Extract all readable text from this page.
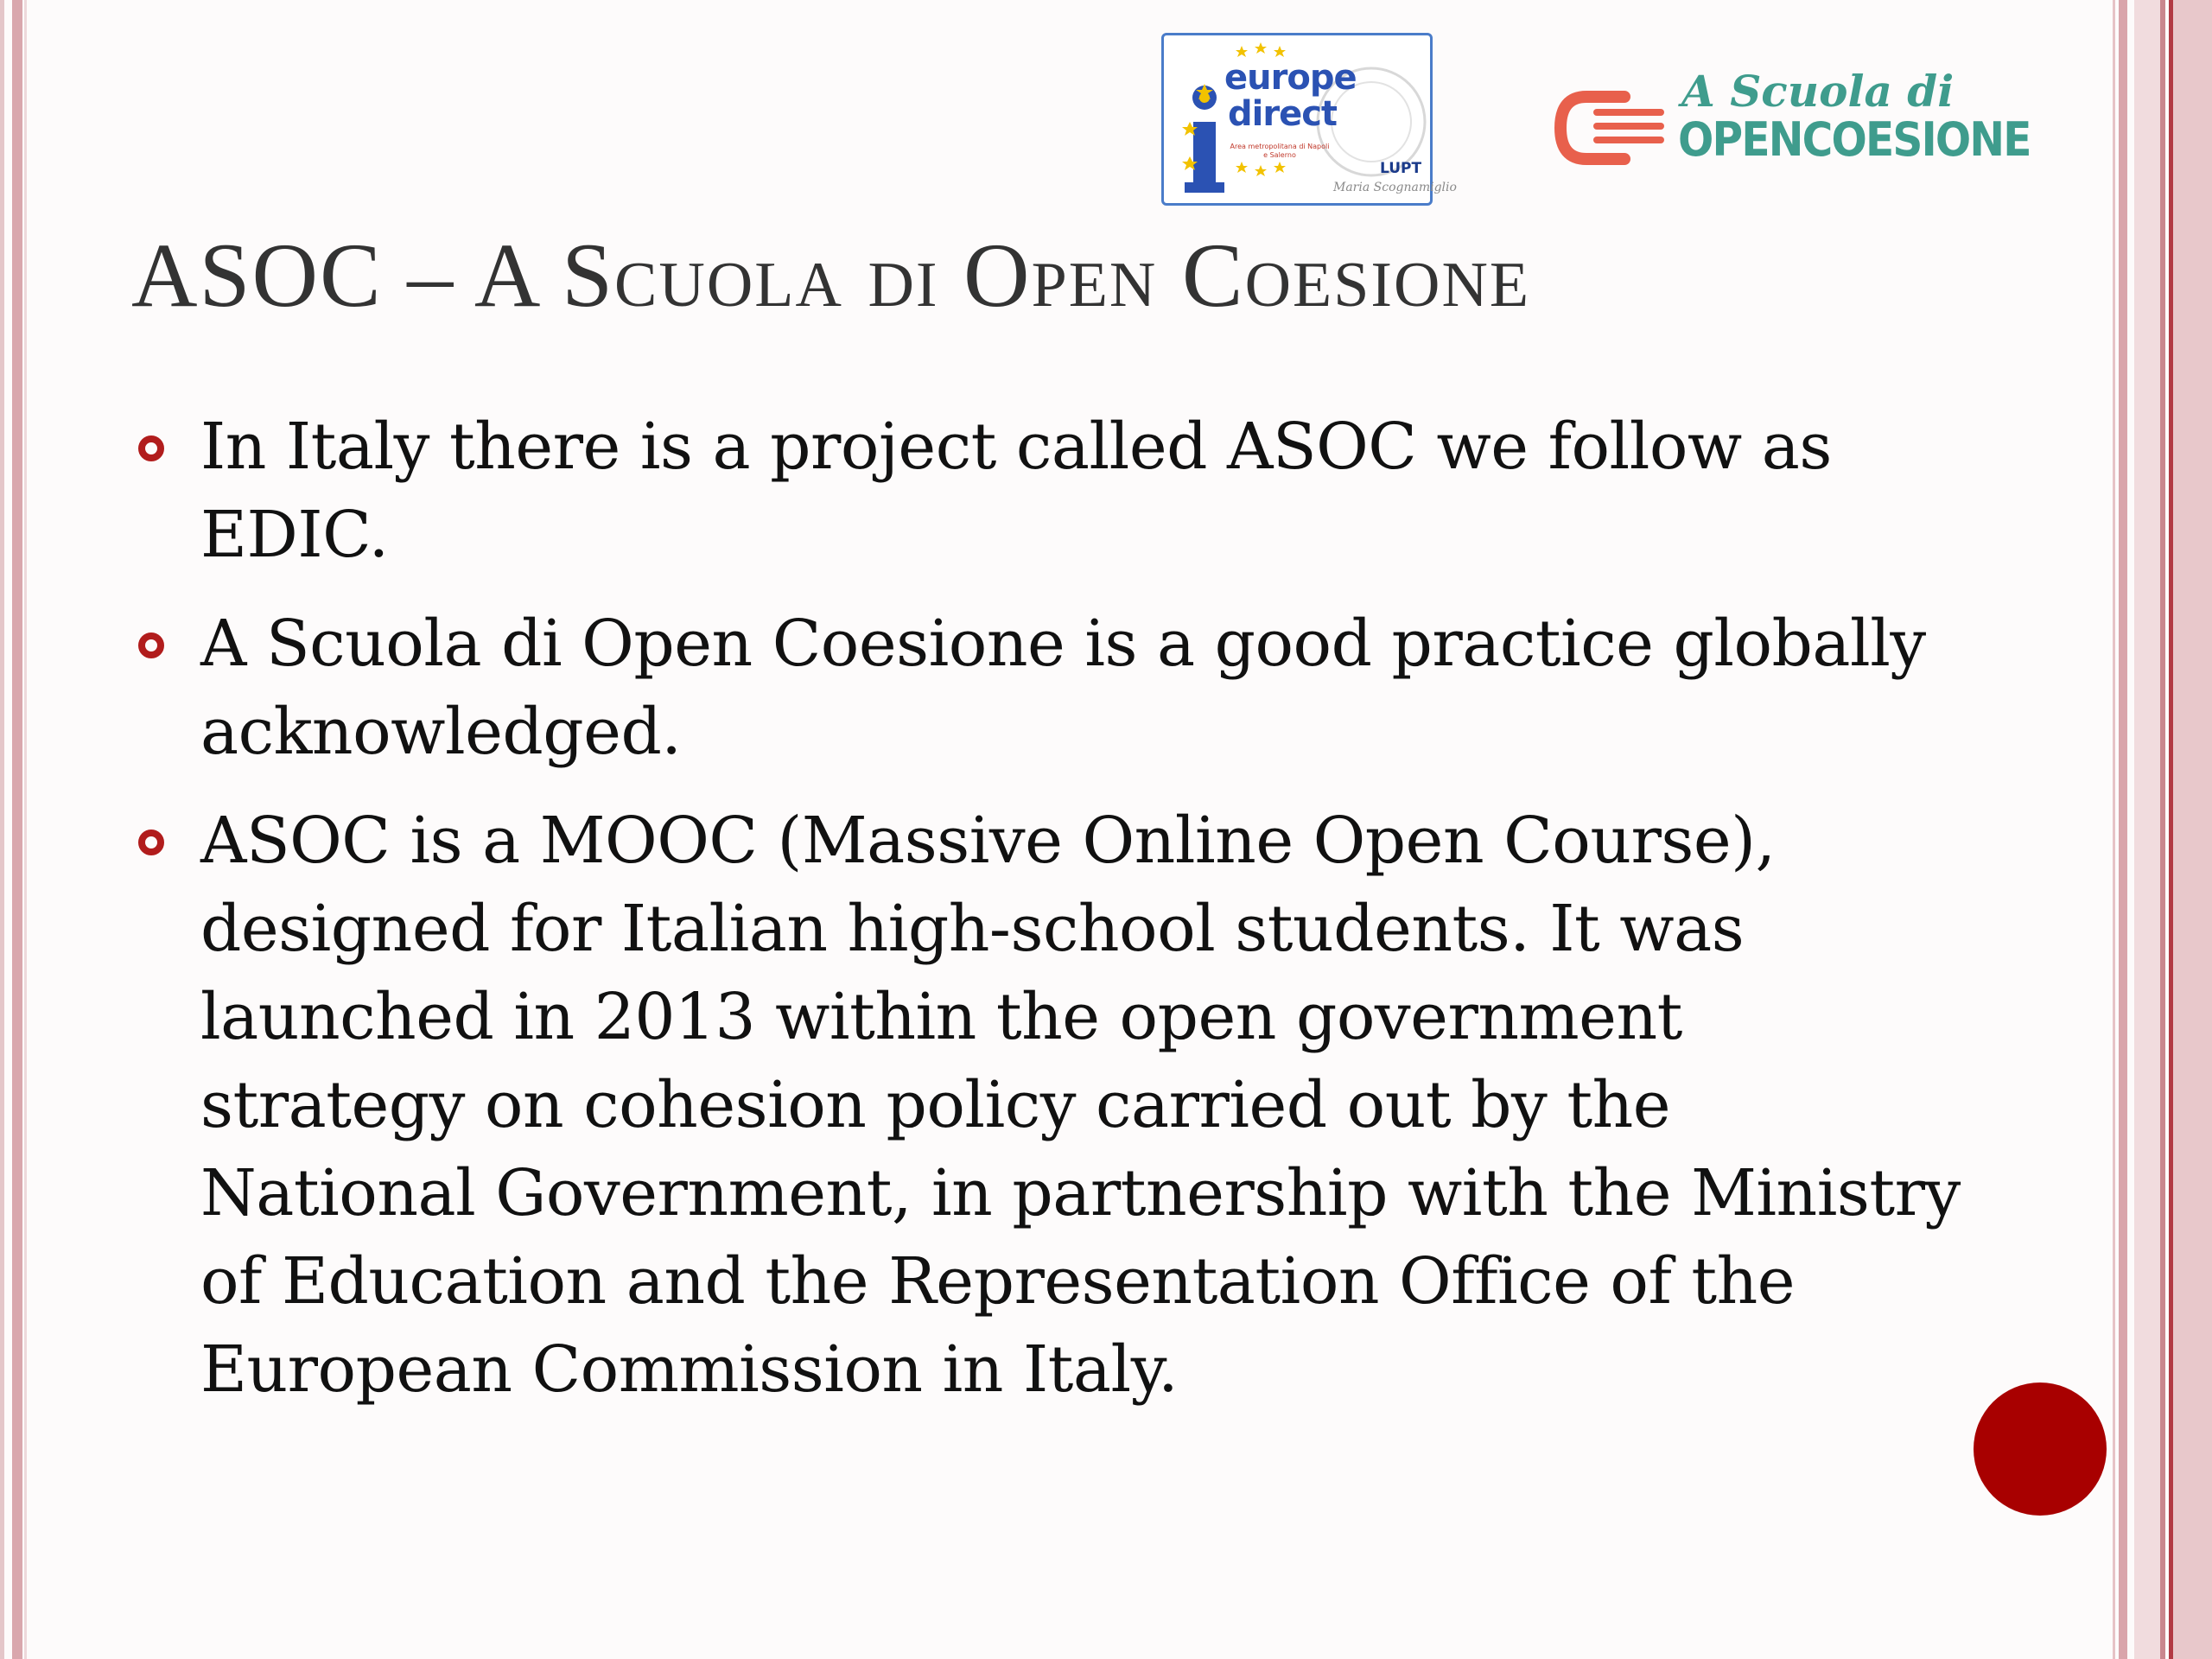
europe
direct
Area metropolitana di Napoli e Salerno
LUPT
Maria Scognamiglio
A Scuola di
OPENCOESIONE
ASOC – A Scuola di Open Coesione
In Italy there is a project called ASOC we follow as EDIC.
A Scuola di Open Coesione is a good practice globally acknowledged.
ASOC is a MOOC (Massive Online Open Course), designed for Italian high-school students. It was launched in 2013 within the open government strategy on cohesion policy carried out by the National Government, in partnership with the Ministry of Education and the Representation Office of the European Commission in Italy.
